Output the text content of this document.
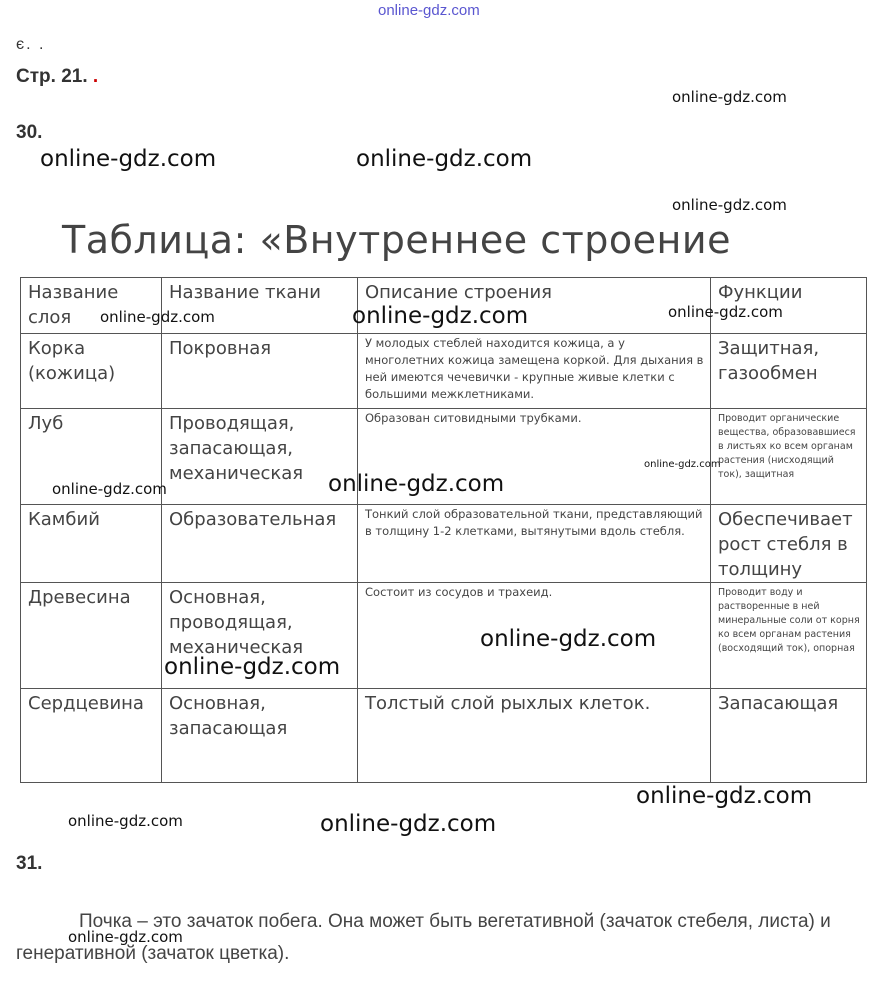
online-gdz.com
є. .
Стр. 21. .
30.
Таблица: «Внутреннее строение
Название слоя	Название ткани	Описание строения	Функции
Корка (кожица)	Покровная	У молодых стеблей находится кожица, а у многолетних кожица замещена коркой. Для дыхания в ней имеются чечевички - крупные живые клетки с большими межклетниками.	Защитная, газообмен
Луб	Проводящая, запасающая, механическая	Образован ситовидными трубками.	Проводит органические вещества, образовавшиеся в листьях ко всем органам растения (нисходящий ток), защитная
Камбий	Образовательная	Тонкий слой образовательной ткани, представляющий в толщину 1-2 клетками, вытянутыми вдоль стебля.	Обеспечивает рост стебля в толщину
Древесина	Основная, проводящая, механическая	Состоит из сосудов и трахеид.	Проводит воду и растворенные в ней минеральные соли от корня ко всем органам растения (восходящий ток), опорная
Сердцевина	Основная, запасающая	Толстый слой рыхлых клеток.	Запасающая
31.
Почка – это зачаток побега. Она может быть вегетативной (зачаток стебеля, листа) и генеративной (зачаток цветка).
online-gdz.com
online-gdz.com	online-gdz.com
online-gdz.com
online-gdz.com	online-gdz.com	online-gdz.com
online-gdz.com
online-gdz.com	online-gdz.com
online-gdz.com
online-gdz.com
online-gdz.com
online-gdz.com	online-gdz.com
online-gdz.com
